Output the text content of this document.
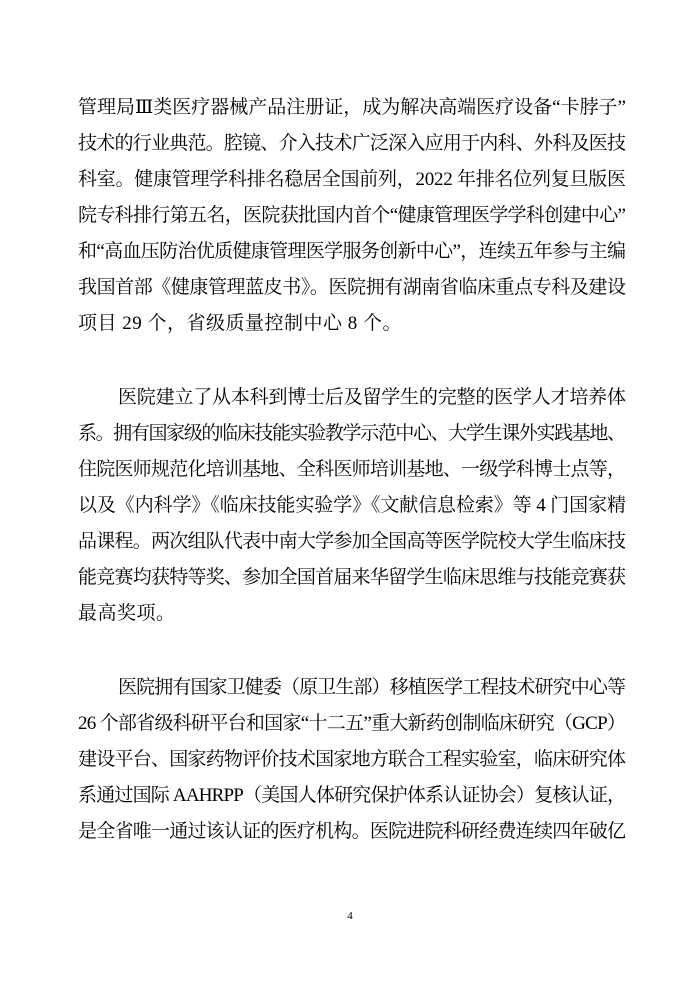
管理局Ⅲ类医疗器械产品注册证，成为解决高端医疗设备“卡脖子”
技术的行业典范。腔镜、介入技术广泛深入应用于内科、外科及医技
科室。健康管理学科排名稳居全国前列，2022 年排名位列复旦版医
院专科排行第五名，医院获批国内首个“健康管理医学学科创建中心”
和“高血压防治优质健康管理医学服务创新中心”，连续五年参与主编
我国首部《健康管理蓝皮书》。医院拥有湖南省临床重点专科及建设
项目 29 个，省级质量控制中心 8 个。
医院建立了从本科到博士后及留学生的完整的医学人才培养体
系。拥有国家级的临床技能实验教学示范中心、大学生课外实践基地、
住院医师规范化培训基地、全科医师培训基地、一级学科博士点等，
以及《内科学》《临床技能实验学》《文献信息检索》等 4 门国家精
品课程。两次组队代表中南大学参加全国高等医学院校大学生临床技
能竞赛均获特等奖、参加全国首届来华留学生临床思维与技能竞赛获
最高奖项。
医院拥有国家卫健委（原卫生部）移植医学工程技术研究中心等
26 个部省级科研平台和国家“十二五”重大新药创制临床研究（GCP）
建设平台、国家药物评价技术国家地方联合工程实验室，临床研究体
系通过国际 AAHRPP（美国人体研究保护体系认证协会）复核认证，
是全省唯一通过该认证的医疗机构。医院进院科研经费连续四年破亿
4
